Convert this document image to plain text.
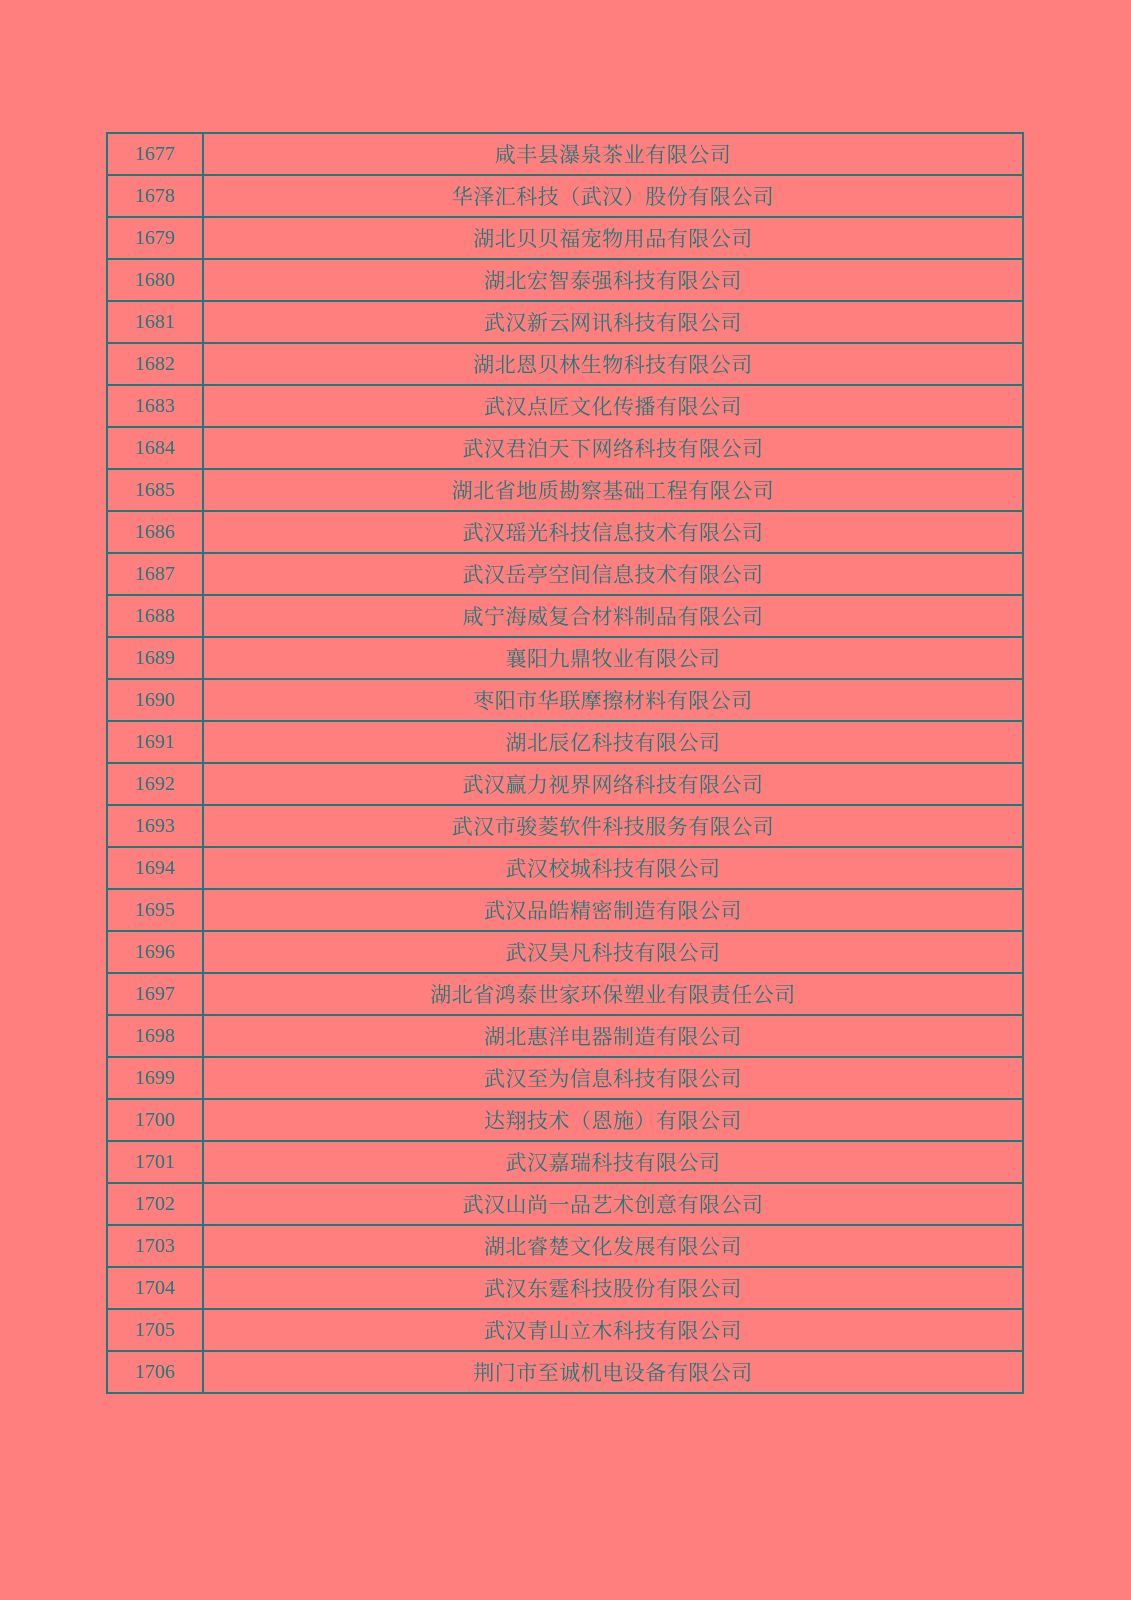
1677	咸丰县瀑泉茶业有限公司
1678	华泽汇科技（武汉）股份有限公司
1679	湖北贝贝福宠物用品有限公司
1680	湖北宏智泰强科技有限公司
1681	武汉新云网讯科技有限公司
1682	湖北恩贝林生物科技有限公司
1683	武汉点匠文化传播有限公司
1684	武汉君泊天下网络科技有限公司
1685	湖北省地质勘察基础工程有限公司
1686	武汉瑶光科技信息技术有限公司
1687	武汉岳亭空间信息技术有限公司
1688	咸宁海威复合材料制品有限公司
1689	襄阳九鼎牧业有限公司
1690	枣阳市华联摩擦材料有限公司
1691	湖北辰亿科技有限公司
1692	武汉赢力视界网络科技有限公司
1693	武汉市骏菱软件科技服务有限公司
1694	武汉校城科技有限公司
1695	武汉品皓精密制造有限公司
1696	武汉昊凡科技有限公司
1697	湖北省鸿泰世家环保塑业有限责任公司
1698	湖北惠洋电器制造有限公司
1699	武汉至为信息科技有限公司
1700	达翔技术（恩施）有限公司
1701	武汉嘉瑞科技有限公司
1702	武汉山尚一品艺术创意有限公司
1703	湖北睿楚文化发展有限公司
1704	武汉东霆科技股份有限公司
1705	武汉青山立木科技有限公司
1706	荆门市至诚机电设备有限公司
